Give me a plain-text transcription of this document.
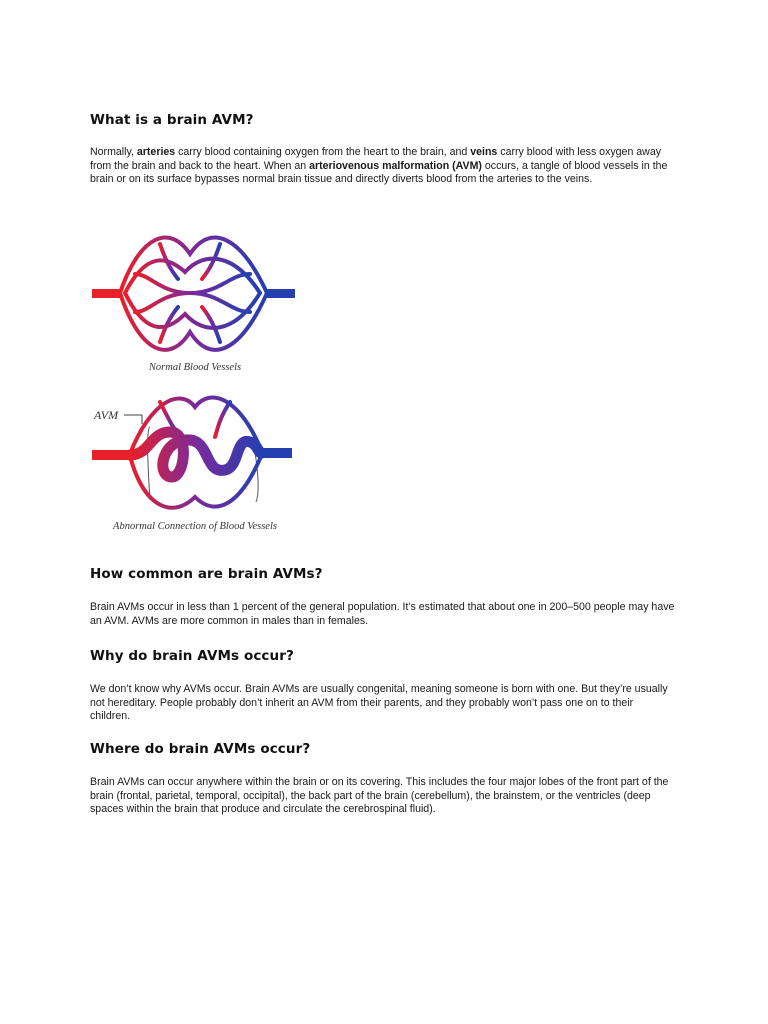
What is a brain AVM?

Normally, arteries carry blood containing oxygen from the heart to the brain, and veins carry blood with less oxygen away from the brain and back to the heart. When an arteriovenous malformation (AVM) occurs, a tangle of blood vessels in the brain or on its surface bypasses normal brain tissue and directly diverts blood from the arteries to the veins.

Normal Blood Vessels
AVM
Abnormal Connection of Blood Vessels
How common are brain AVMs?

Brain AVMs occur in less than 1 percent of the general population. It’s estimated that about one in 200–500 people may have an AVM. AVMs are more common in males than in females.

Why do brain AVMs occur?

We don’t know why AVMs occur. Brain AVMs are usually congenital, meaning someone is born with one. But they’re usually not hereditary. People probably don’t inherit an AVM from their parents, and they probably won’t pass one on to their children.

Where do brain AVMs occur?

Brain AVMs can occur anywhere within the brain or on its covering. This includes the four major lobes of the front part of the brain (frontal, parietal, temporal, occipital), the back part of the brain (cerebellum), the brainstem, or the ventricles (deep spaces within the brain that produce and circulate the cerebrospinal fluid).
